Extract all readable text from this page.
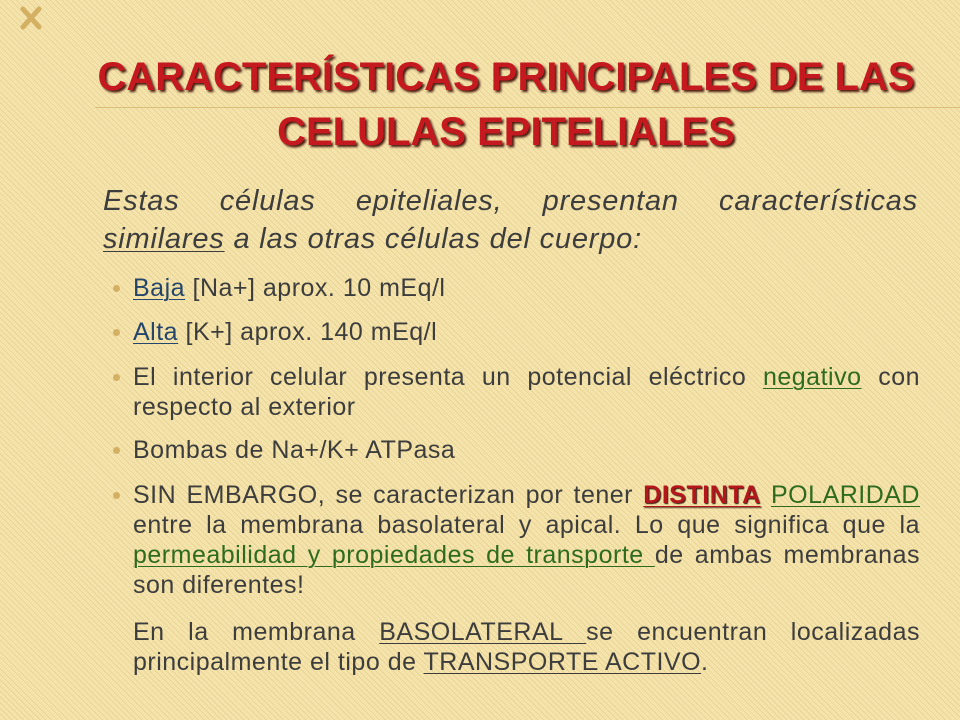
CARACTERÍSTICAS PRINCIPALES DE LAS
CELULAS EPITELIALES
Estas células epiteliales, presentan características
similares a las otras células del cuerpo:
Baja [Na+] aprox. 10 mEq/l
Alta [K+] aprox. 140 mEq/l
El interior celular presenta un potencial eléctrico negativo con
respecto al exterior
Bombas de Na+/K+ ATPasa
SIN EMBARGO, se caracterizan por tener DISTINTA POLARIDAD
entre la membrana basolateral y apical. Lo que significa que la
permeabilidad y propiedades de transporte de ambas membranas
son diferentes!
En la membrana BASOLATERAL se encuentran localizadas
principalmente el tipo de TRANSPORTE ACTIVO.
